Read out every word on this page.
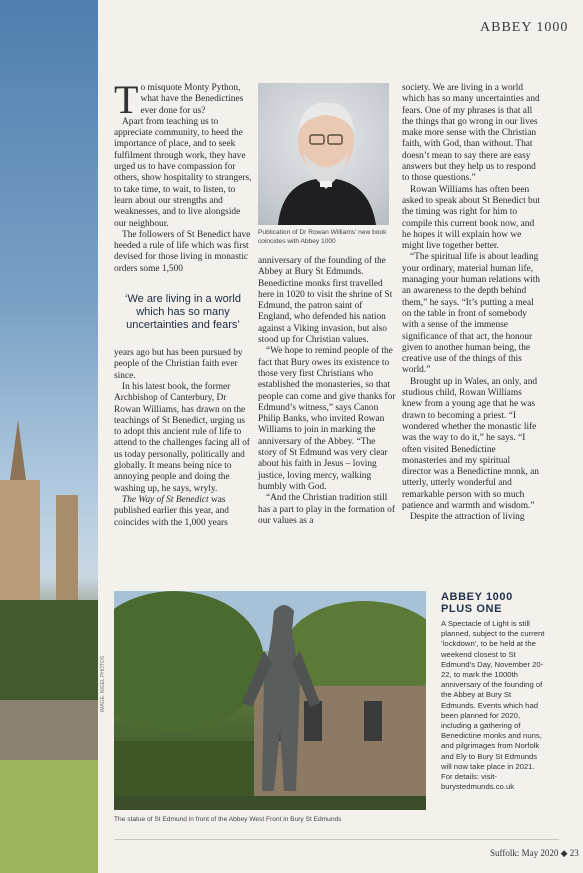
ABBEY 1000

To misquote Monty Python, what have the Benedictines ever done for us?

Apart from teaching us to appreciate community, to heed the importance of place, and to seek fulfilment through work, they have urged us to have compassion for others, show hospitality to strangers, to take time, to wait, to listen, to learn about our strengths and weaknesses, and to live alongside our neighbour.

The followers of St Benedict have heeded a rule of life which was first devised for those living in monastic orders some 1,500

‘We are living in a world which has so many uncertainties and fears’

years ago but has been pursued by people of the Christian faith ever since.

In his latest book, the former Archbishop of Canterbury, Dr Rowan Williams, has drawn on the teachings of St Benedict, urging us to adopt this ancient rule of life to attend to the challenges facing all of us today personally, politically and globally. It means being nice to annoying people and doing the washing up, he says, wryly.

The Way of St Benedict was published earlier this year, and coincides with the 1,000 years

Publication of Dr Rowan Williams’ new book coincides with Abbey 1000

anniversary of the founding of the Abbey at Bury St Edmunds. Benedictine monks first travelled here in 1020 to visit the shrine of St Edmund, the patron saint of England, who defended his nation against a Viking invasion, but also stood up for Christian values.

“We hope to remind people of the fact that Bury owes its existence to those very first Christians who established the monasteries, so that people can come and give thanks for Edmund’s witness,” says Canon Philip Banks, who invited Rowan Williams to join in marking the anniversary of the Abbey. “The story of St Edmund was very clear about his faith in Jesus – loving justice, loving mercy, walking humbly with God.

“And the Christian tradition still has a part to play in the formation of our values as a

society. We are living in a world which has so many uncertainties and fears. One of my phrases is that all the things that go wrong in our lives make more sense with the Christian faith, with God, than without. That doesn’t mean to say there are easy answers but they help us to respond to those questions.”

Rowan Williams has often been asked to speak about St Benedict but the timing was right for him to compile this current book now, and he hopes it will explain how we might live together better.

“The spiritual life is about leading your ordinary, material human life, managing your human relations with an awareness to the depth behind them,” he says. “It’s putting a meal on the table in front of somebody with a sense of the immense significance of that act, the honour given to another human being, the creative use of the things of this world.”

Brought up in Wales, an only, and studious child, Rowan Williams knew from a young age that he was drawn to becoming a priest. “I wondered whether the monastic life was the way to do it,” he says. “I often visited Benedictine monasteries and my spiritual director was a Benedictine monk, an utterly, utterly wonderful and remarkable person with so much patience and warmth and wisdom.”

Despite the attraction of living

IMAGE: NIGEL PHOTOS
The statue of St Edmund in front of the Abbey West Front in Bury St Edmunds
ABBEY 1000
PLUS ONE
A Spectacle of Light is still planned, subject to the current ‘lockdown’, to be held at the weekend closest to St Edmund’s Day, November 20-22, to mark the 1000th anniversary of the founding of the Abbey at Bury St Edmunds. Events which had been planned for 2020, including a gathering of Benedictine monks and nuns, and pilgrimages from Norfolk and Ely to Bury St Edmunds will now take place in 2021. For details: visit-burystedmunds.co.uk
Suffolk: May 2020 ◆ 23
